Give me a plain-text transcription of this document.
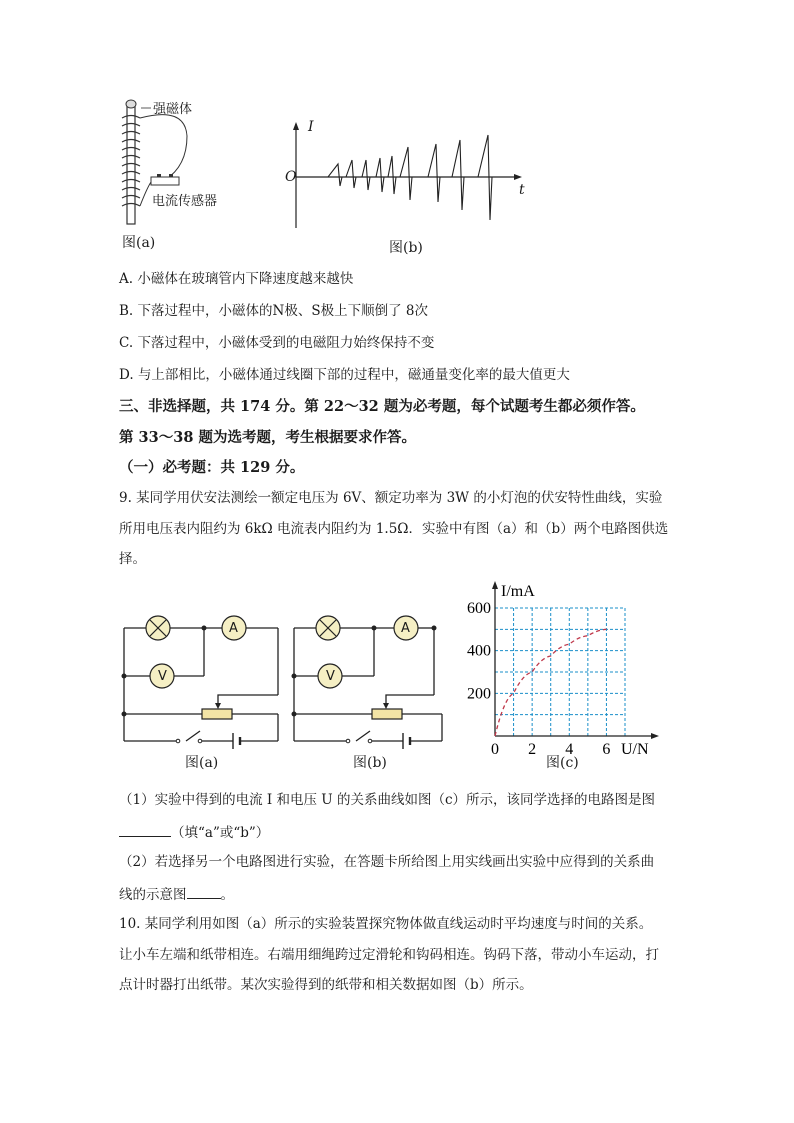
强磁体
电流传感器
图(a)
I
O
t
图(b)
A. 小磁体在玻璃管内下降速度越来越快
B. 下落过程中，小磁体的N极、S极上下顺倒了 8次
C. 下落过程中，小磁体受到的电磁阻力始终保持不变
D. 与上部相比，小磁体通过线圈下部的过程中，磁通量变化率的最大值更大
三、非选择题，共 174 分。第 22～32 题为必考题，每个试题考生都必须作答。
第 33～38 题为选考题，考生根据要求作答。
（一）必考题：共 129 分。
9. 某同学用伏安法测绘一额定电压为 6V、额定功率为 3W 的小灯泡的伏安特性曲线，实验
所用电压表内阻约为 6kΩ 电流表内阻约为 1.5Ω．实验中有图（a）和（b）两个电路图供选
择。
A
V
图(a)
A
V
图(b)
I/mA
U/N
0 2 4 6
200
400
600
图(c)
（1）实验中得到的电流 I 和电压 U 的关系曲线如图（c）所示，该同学选择的电路图是图
（填“a”或“b”）
（2）若选择另一个电路图进行实验，在答题卡所给图上用实线画出实验中应得到的关系曲
线的示意图	。
10. 某同学利用如图（a）所示的实验装置探究物体做直线运动时平均速度与时间的关系。
让小车左端和纸带相连。右端用细绳跨过定滑轮和钩码相连。钩码下落，带动小车运动，打
点计时器打出纸带。某次实验得到的纸带和相关数据如图（b）所示。
